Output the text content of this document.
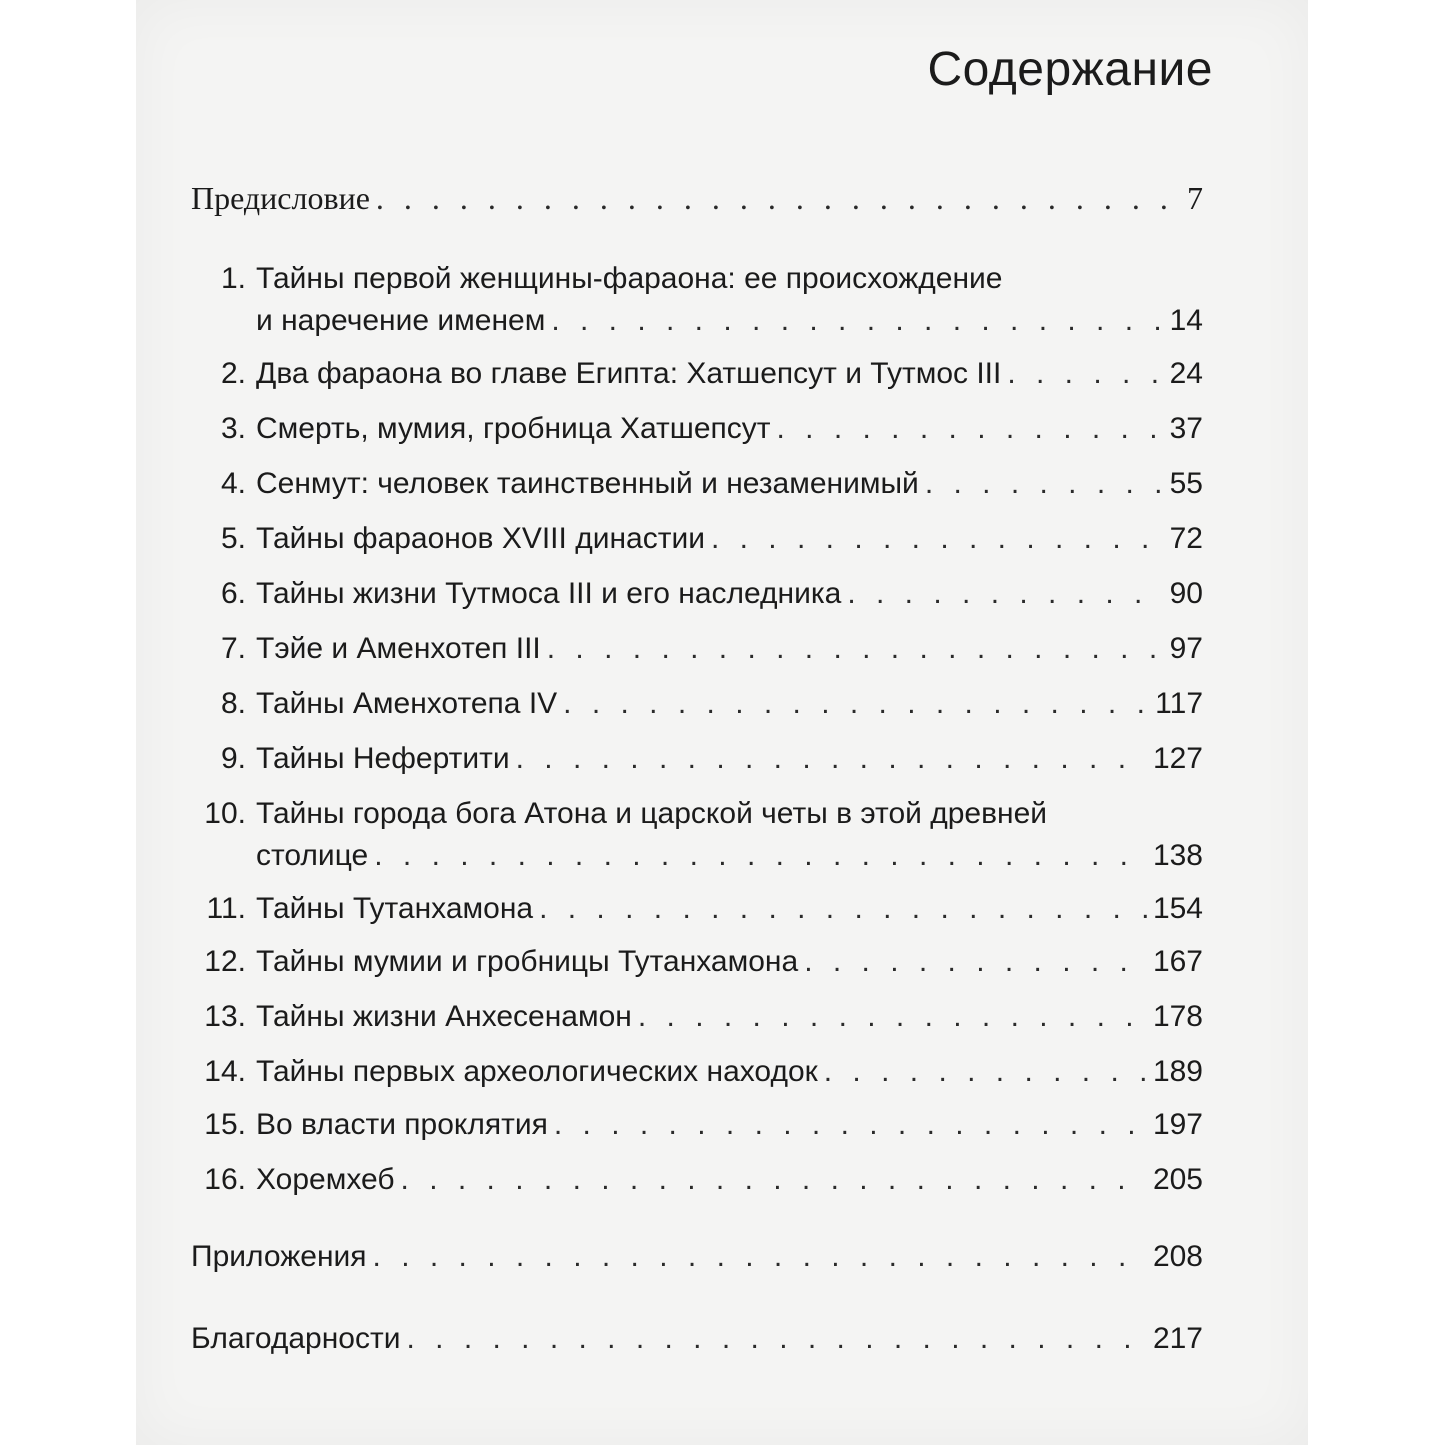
Содержание
Предисловие . . .	7
1. Тайны первой женщины-фараона: ее происхождение
и наречение именем . . .	14
2. Два фараона во главе Египта: Хатшепсут и Тутмос III . . .	24
3. Смерть, мумия, гробница Хатшепсут . . .	37
4. Сенмут: человек таинственный и незаменимый . . .	55
5. Тайны фараонов XVIII династии . . .	72
6. Тайны жизни Тутмоса III и его наследника . . .	90
7. Тэйе и Аменхотеп III . . .	97
8. Тайны Аменхотепа IV . . .	117
9. Тайны Нефертити . . .	127
10. Тайны города бога Атона и царской четы в этой древней
столице . . .	138
11. Тайны Тутанхамона . . .	154
12. Тайны мумии и гробницы Тутанхамона . . .	167
13. Тайны жизни Анхесенамон . . .	178
14. Тайны первых археологических находок . . .	189
15. Во власти проклятия . . .	197
16. Хоремхеб . . .	205
Приложения . . .	208
Благодарности . . .	217
